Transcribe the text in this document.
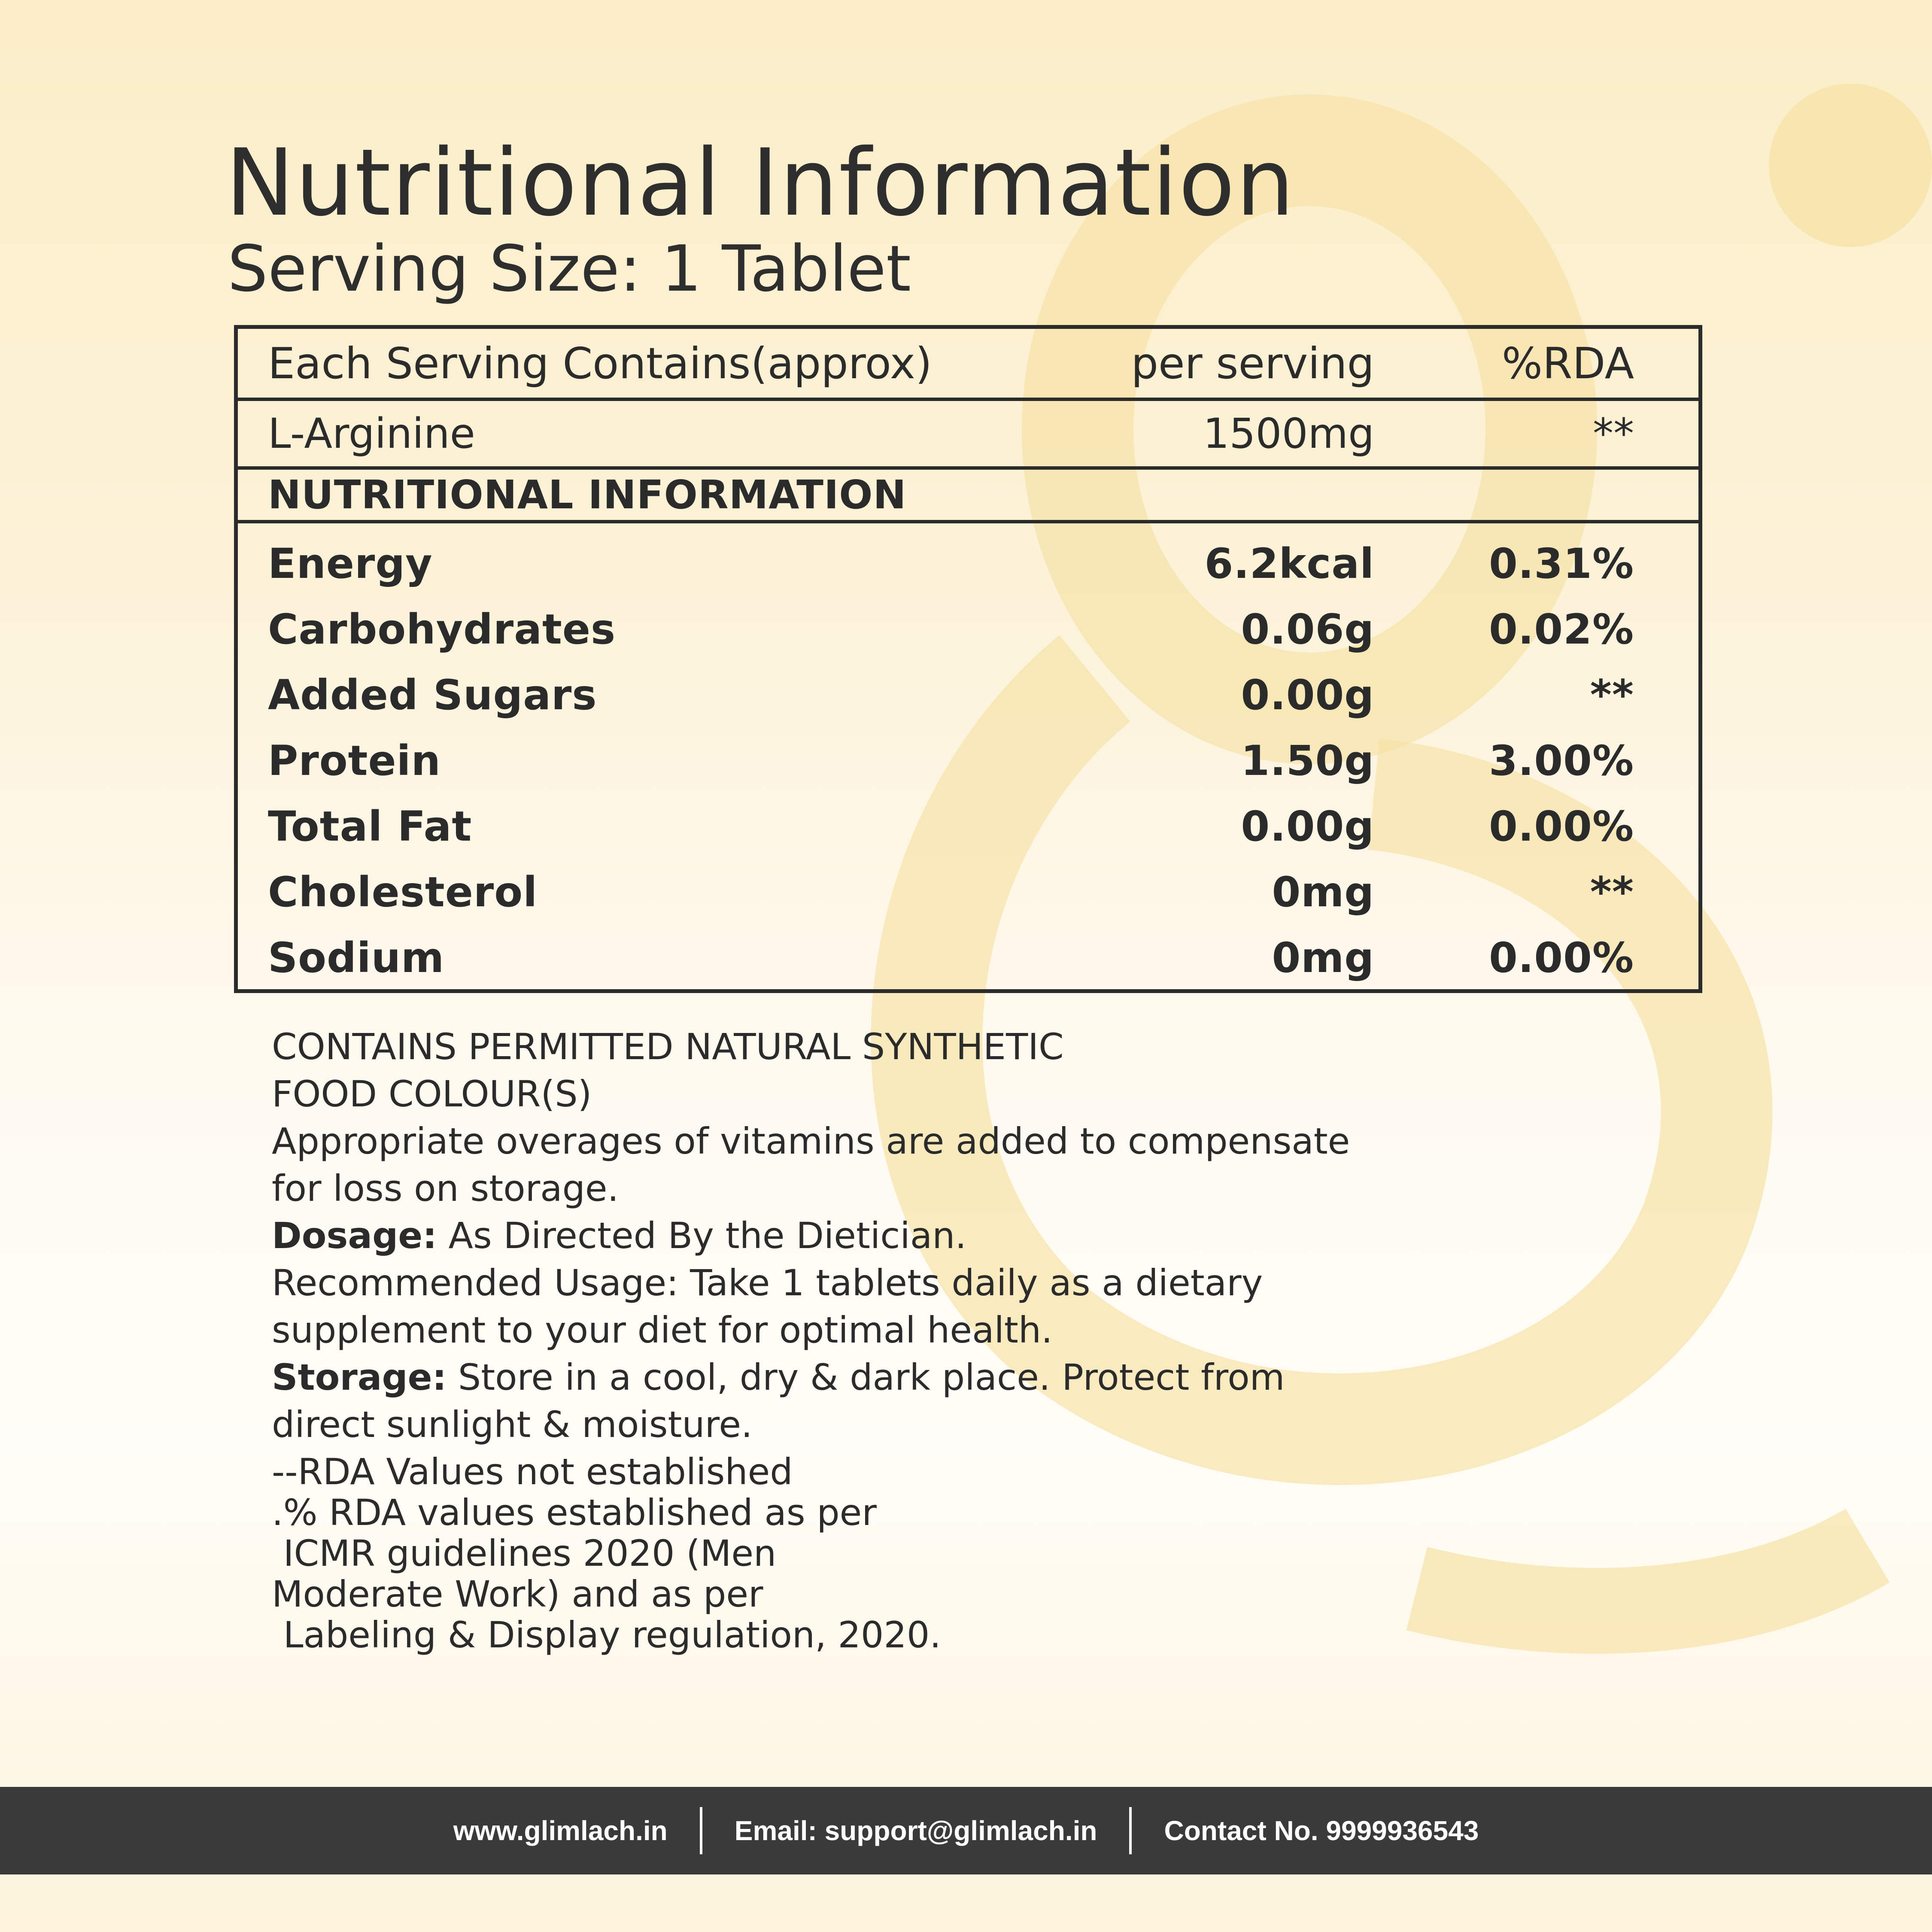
Nutritional Information
Serving Size: 1 Tablet
Each Serving Contains(approx)	per serving	%RDA
L-Arginine	1500mg	**
NUTRITIONAL INFORMATION
Energy	6.2kcal	0.31%
Carbohydrates	0.06g	0.02%
Added Sugars	0.00g	**
Protein	1.50g	3.00%
Total Fat	0.00g	0.00%
Cholesterol	0mg	**
Sodium	0mg	0.00%

CONTAINS PERMITTED NATURAL SYNTHETIC

FOOD COLOUR(S)

Appropriate overages of vitamins are added to compensate

for loss on storage.

Dosage: As Directed By the Dietician.

Recommended Usage: Take 1 tablets daily as a dietary

supplement to your diet for optimal health.

Storage: Store in a cool, dry & dark place. Protect from

direct sunlight & moisture.

--RDA Values not established

.% RDA values established as per

ICMR guidelines 2020 (Men

Moderate Work) and as per

Labeling & Display regulation, 2020.

www.glimlach.in Email: support@glimlach.in Contact No. 9999936543
